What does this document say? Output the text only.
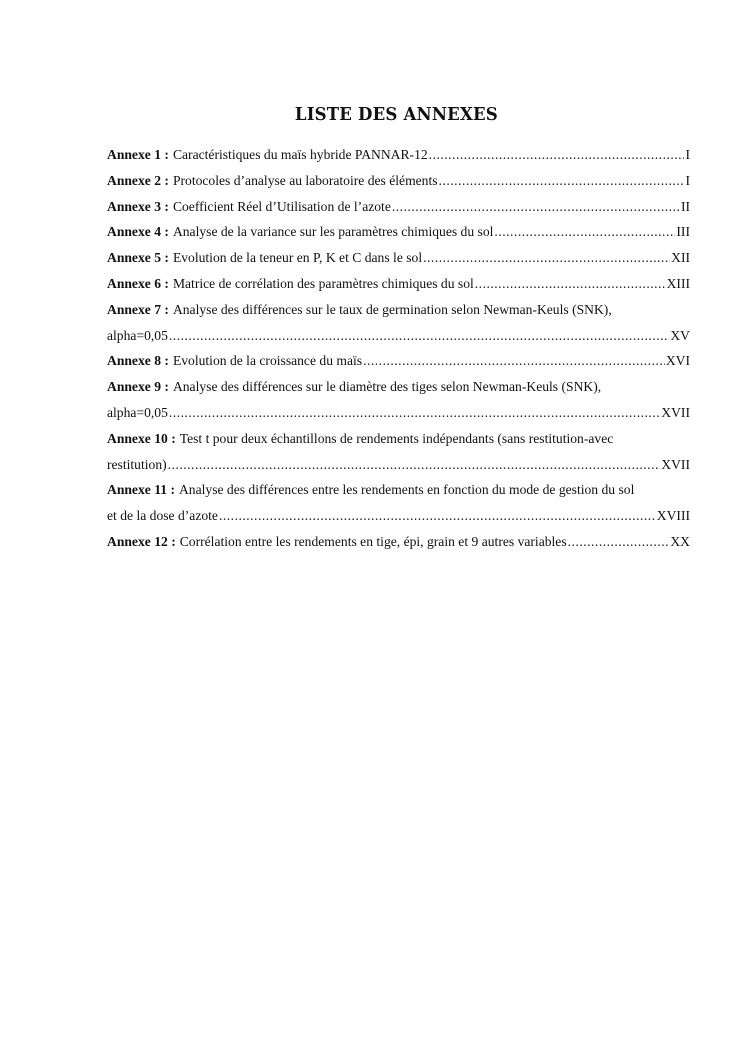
LISTE DES ANNEXES
Annexe 1 : Caractéristiques du maïs hybride PANNAR-12 .....	I
Annexe 2 : Protocoles d’analyse au laboratoire des éléments .....	I
Annexe 3 : Coefficient Réel d’Utilisation de l’azote .....	II
Annexe 4 : Analyse de la variance sur les paramètres chimiques du sol .....	III
Annexe 5 : Evolution de la teneur en P, K et C dans le sol .....	XII
Annexe 6 : Matrice de corrélation des paramètres chimiques du sol .....	XIII
Annexe 7 : Analyse des différences sur le taux de germination selon Newman-Keuls (SNK),
alpha=0,05 .....	XV
Annexe 8 : Evolution de la croissance du maïs .....	XVI
Annexe 9 : Analyse des différences sur le diamètre des tiges selon Newman-Keuls (SNK),
alpha=0,05 .....	XVII
Annexe 10 : Test t pour deux échantillons de rendements indépendants (sans restitution-avec
restitution) .....	XVII
Annexe 11 : Analyse des différences entre les rendements en fonction du mode de gestion du sol
et de la dose d’azote .....	XVIII
Annexe 12 : Corrélation entre les rendements en tige, épi, grain et 9 autres variables .....	XX
